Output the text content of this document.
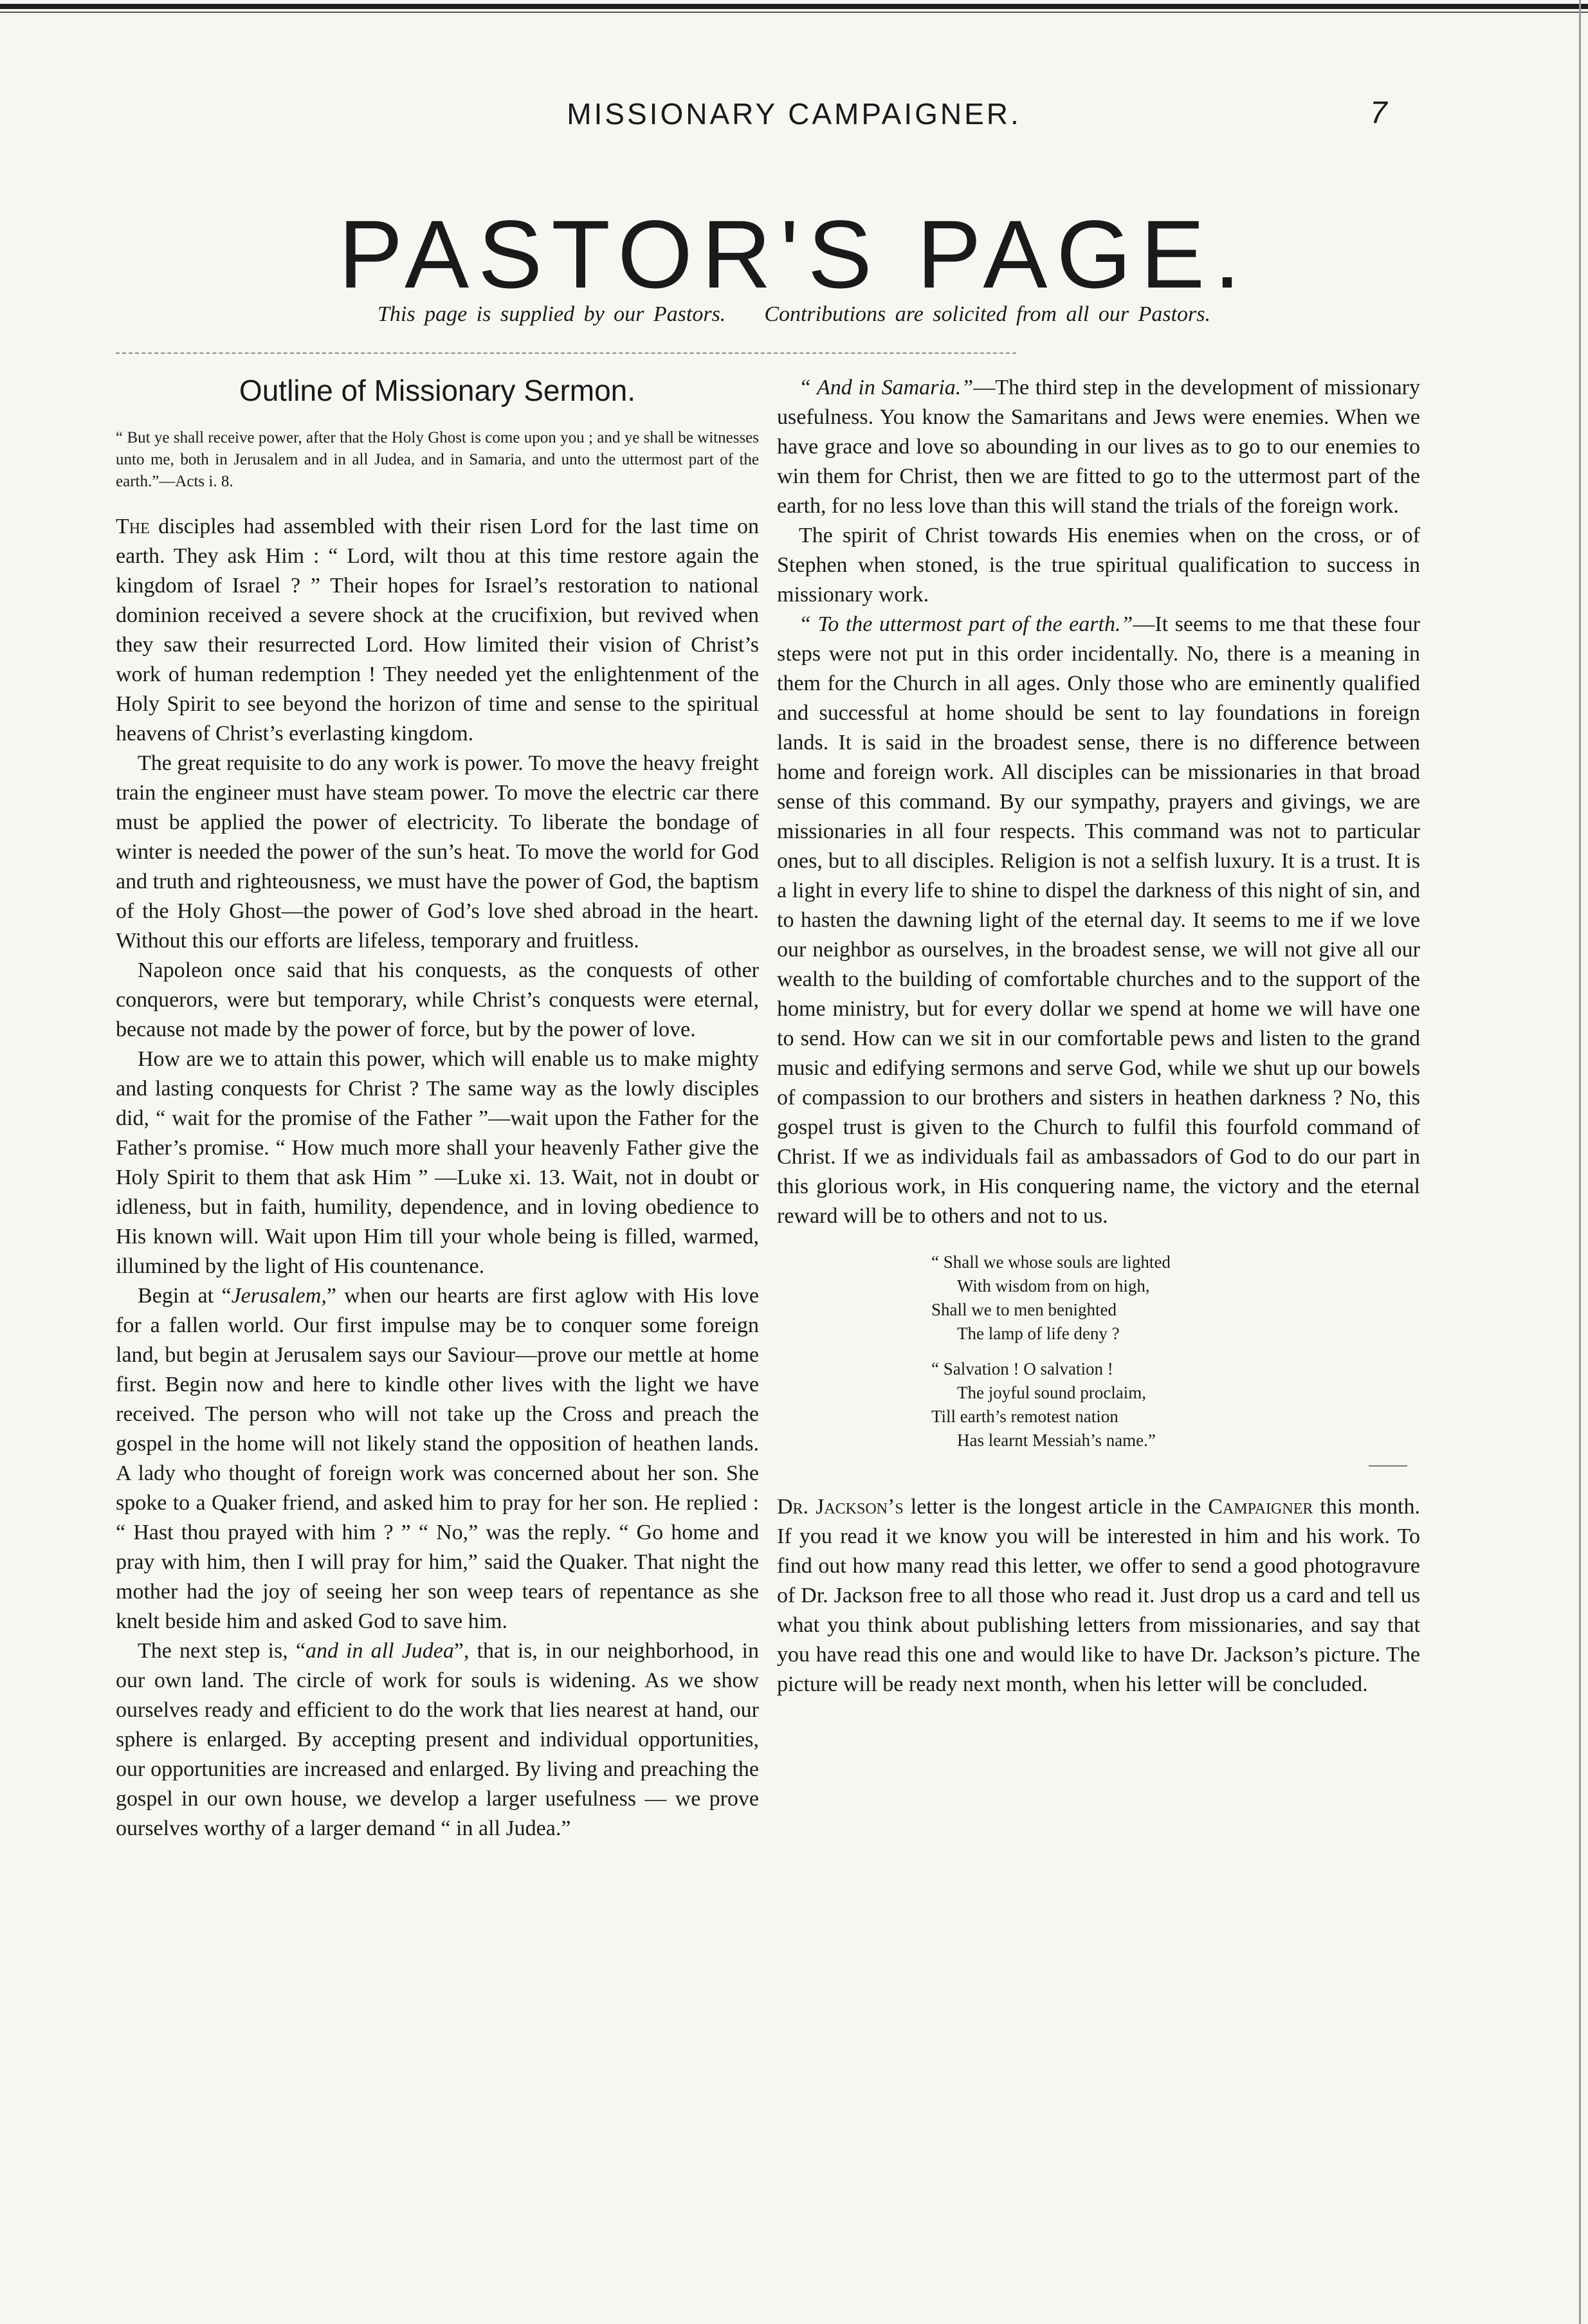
MISSIONARY CAMPAIGNER.	7
PASTOR'S PAGE.
This page is supplied by our Pastors. Contributions are solicited from all our Pastors.
Outline of Missionary Sermon.
“ But ye shall receive power, after that the Holy Ghost is come upon you ; and ye shall be witnesses unto me, both in Jerusalem and in all Judea, and in Samaria, and unto the uttermost part of the earth.”—Acts i. 8.

The disciples had assembled with their risen Lord for the last time on earth. They ask Him : “ Lord, wilt thou at this time restore again the kingdom of Israel ? ” Their hopes for Israel’s restoration to national dominion received a severe shock at the crucifixion, but revived when they saw their resurrected Lord. How limited their vision of Christ’s work of human redemption ! They needed yet the enlightenment of the Holy Spirit to see beyond the horizon of time and sense to the spiritual heavens of Christ’s everlasting kingdom.

The great requisite to do any work is power. To move the heavy freight train the engineer must have steam power. To move the electric car there must be applied the power of electricity. To liberate the bondage of winter is needed the power of the sun’s heat. To move the world for God and truth and righteousness, we must have the power of God, the baptism of the Holy Ghost—the power of God’s love shed abroad in the heart. Without this our efforts are lifeless, temporary and fruitless.

Napoleon once said that his conquests, as the conquests of other conquerors, were but temporary, while Christ’s conquests were eternal, because not made by the power of force, but by the power of love.

How are we to attain this power, which will enable us to make mighty and lasting conquests for Christ ? The same way as the lowly disciples did, “ wait for the promise of the Father ”—wait upon the Father for the Father’s promise. “ How much more shall your heavenly Father give the Holy Spirit to them that ask Him ” —Luke xi. 13. Wait, not in doubt or idleness, but in faith, humility, dependence, and in loving obedience to His known will. Wait upon Him till your whole being is filled, warmed, illumined by the light of His countenance.

Begin at “Jerusalem,” when our hearts are first aglow with His love for a fallen world. Our first impulse may be to conquer some foreign land, but begin at Jerusalem says our Saviour—prove our mettle at home first. Begin now and here to kindle other lives with the light we have received. The person who will not take up the Cross and preach the gospel in the home will not likely stand the opposition of heathen lands. A lady who thought of foreign work was concerned about her son. She spoke to a Quaker friend, and asked him to pray for her son. He replied : “ Hast thou prayed with him ? ” “ No,” was the reply. “ Go home and pray with him, then I will pray for him,” said the Quaker. That night the mother had the joy of seeing her son weep tears of repentance as she knelt beside him and asked God to save him.

The next step is, “and in all Judea”, that is, in our neighborhood, in our own land. The circle of work for souls is widening. As we show ourselves ready and efficient to do the work that lies nearest at hand, our sphere is enlarged. By accepting present and individual opportunities, our opportunities are increased and enlarged. By living and preaching the gospel in our own house, we develop a larger usefulness — we prove ourselves worthy of a larger demand “ in all Judea.”

“ And in Samaria.”—The third step in the development of missionary usefulness. You know the Samaritans and Jews were enemies. When we have grace and love so abounding in our lives as to go to our enemies to win them for Christ, then we are fitted to go to the uttermost part of the earth, for no less love than this will stand the trials of the foreign work.

The spirit of Christ towards His enemies when on the cross, or of Stephen when stoned, is the true spiritual qualification to success in missionary work.

“ To the uttermost part of the earth.”—It seems to me that these four steps were not put in this order incidentally. No, there is a meaning in them for the Church in all ages. Only those who are eminently qualified and successful at home should be sent to lay foundations in foreign lands. It is said in the broadest sense, there is no difference between home and foreign work. All disciples can be missionaries in that broad sense of this command. By our sympathy, prayers and givings, we are missionaries in all four respects. This command was not to particular ones, but to all disciples. Religion is not a selfish luxury. It is a trust. It is a light in every life to shine to dispel the darkness of this night of sin, and to hasten the dawning light of the eternal day. It seems to me if we love our neighbor as ourselves, in the broadest sense, we will not give all our wealth to the building of comfortable churches and to the support of the home ministry, but for every dollar we spend at home we will have one to send. How can we sit in our comfortable pews and listen to the grand music and edifying sermons and serve God, while we shut up our bowels of compassion to our brothers and sisters in heathen darkness ? No, this gospel trust is given to the Church to fulfil this fourfold command of Christ. If we as individuals fail as ambassadors of God to do our part in this glorious work, in His conquering name, the victory and the eternal reward will be to others and not to us.

“ Shall we whose souls are lighted
With wisdom from on high,
Shall we to men benighted
The lamp of life deny ?
“ Salvation ! O salvation !
The joyful sound proclaim,
Till earth’s remotest nation
Has learnt Messiah’s name.”

Dr. Jackson’s letter is the longest article in the Campaigner this month. If you read it we know you will be interested in him and his work. To find out how many read this letter, we offer to send a good photogravure of Dr. Jackson free to all those who read it. Just drop us a card and tell us what you think about publishing letters from missionaries, and say that you have read this one and would like to have Dr. Jackson’s picture. The picture will be ready next month, when his letter will be concluded.
